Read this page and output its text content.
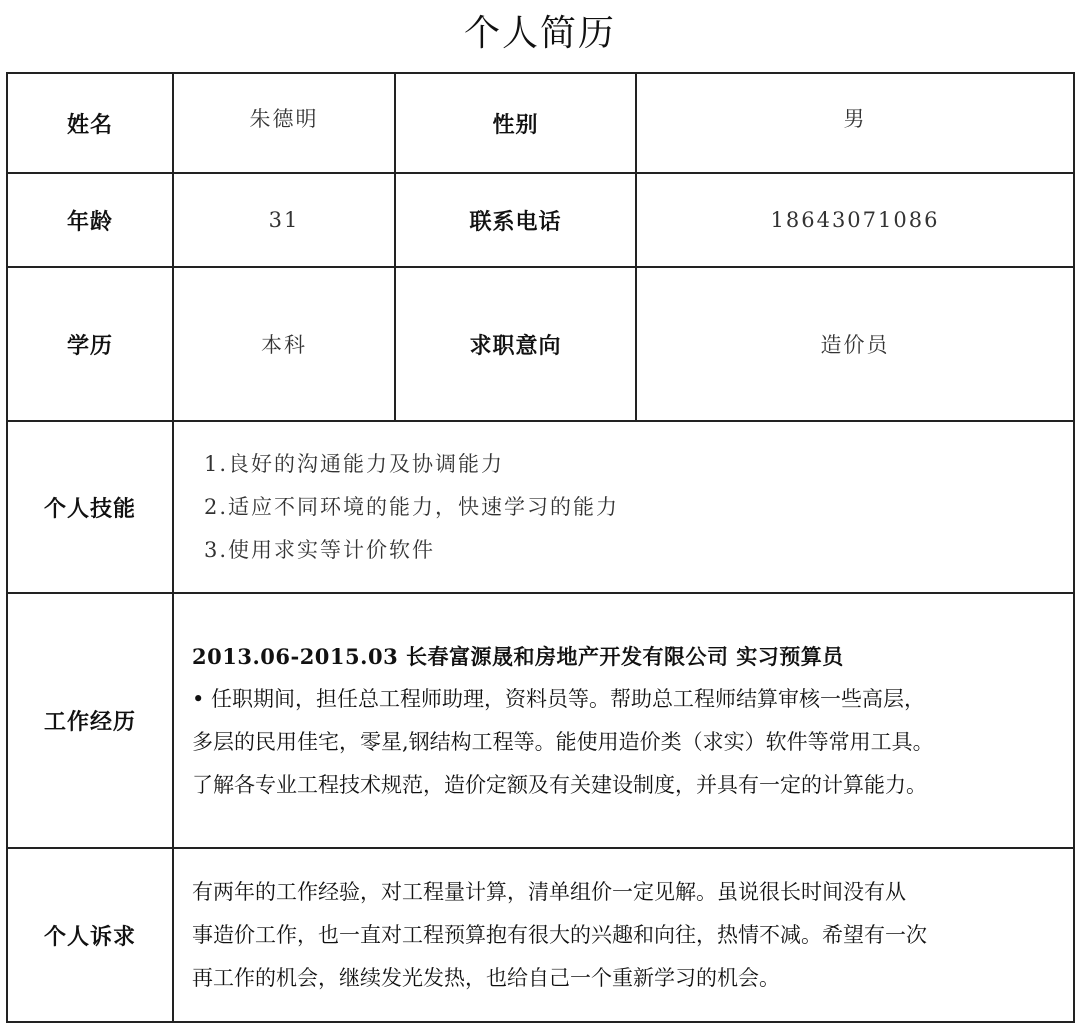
个人简历
姓名	朱德明	性别	男
年龄	31	联系电话	18643071086
学历	本科	求职意向	造价员
个人技能	1.良好的沟通能力及协调能力
2.适应不同环境的能力，快速学习的能力
3.使用求实等计价软件		

工作经历	2013.06-2015.03 长春富源晟和房地产开发有限公司 实习预算员
• 任职期间，担任总工程师助理，资料员等。帮助总工程师结算审核一些高层，
多层的民用佳宅，零星,钢结构工程等。能使用造价类（求实）软件等常用工具。
了解各专业工程技术规范，造价定额及有关建设制度，并具有一定的计算能力。		

个人诉求	有两年的工作经验，对工程量计算，清单组价一定见解。虽说很长时间没有从
事造价工作，也一直对工程预算抱有很大的兴趣和向往，热情不减。希望有一次
再工作的机会，继续发光发热，也给自己一个重新学习的机会。		
